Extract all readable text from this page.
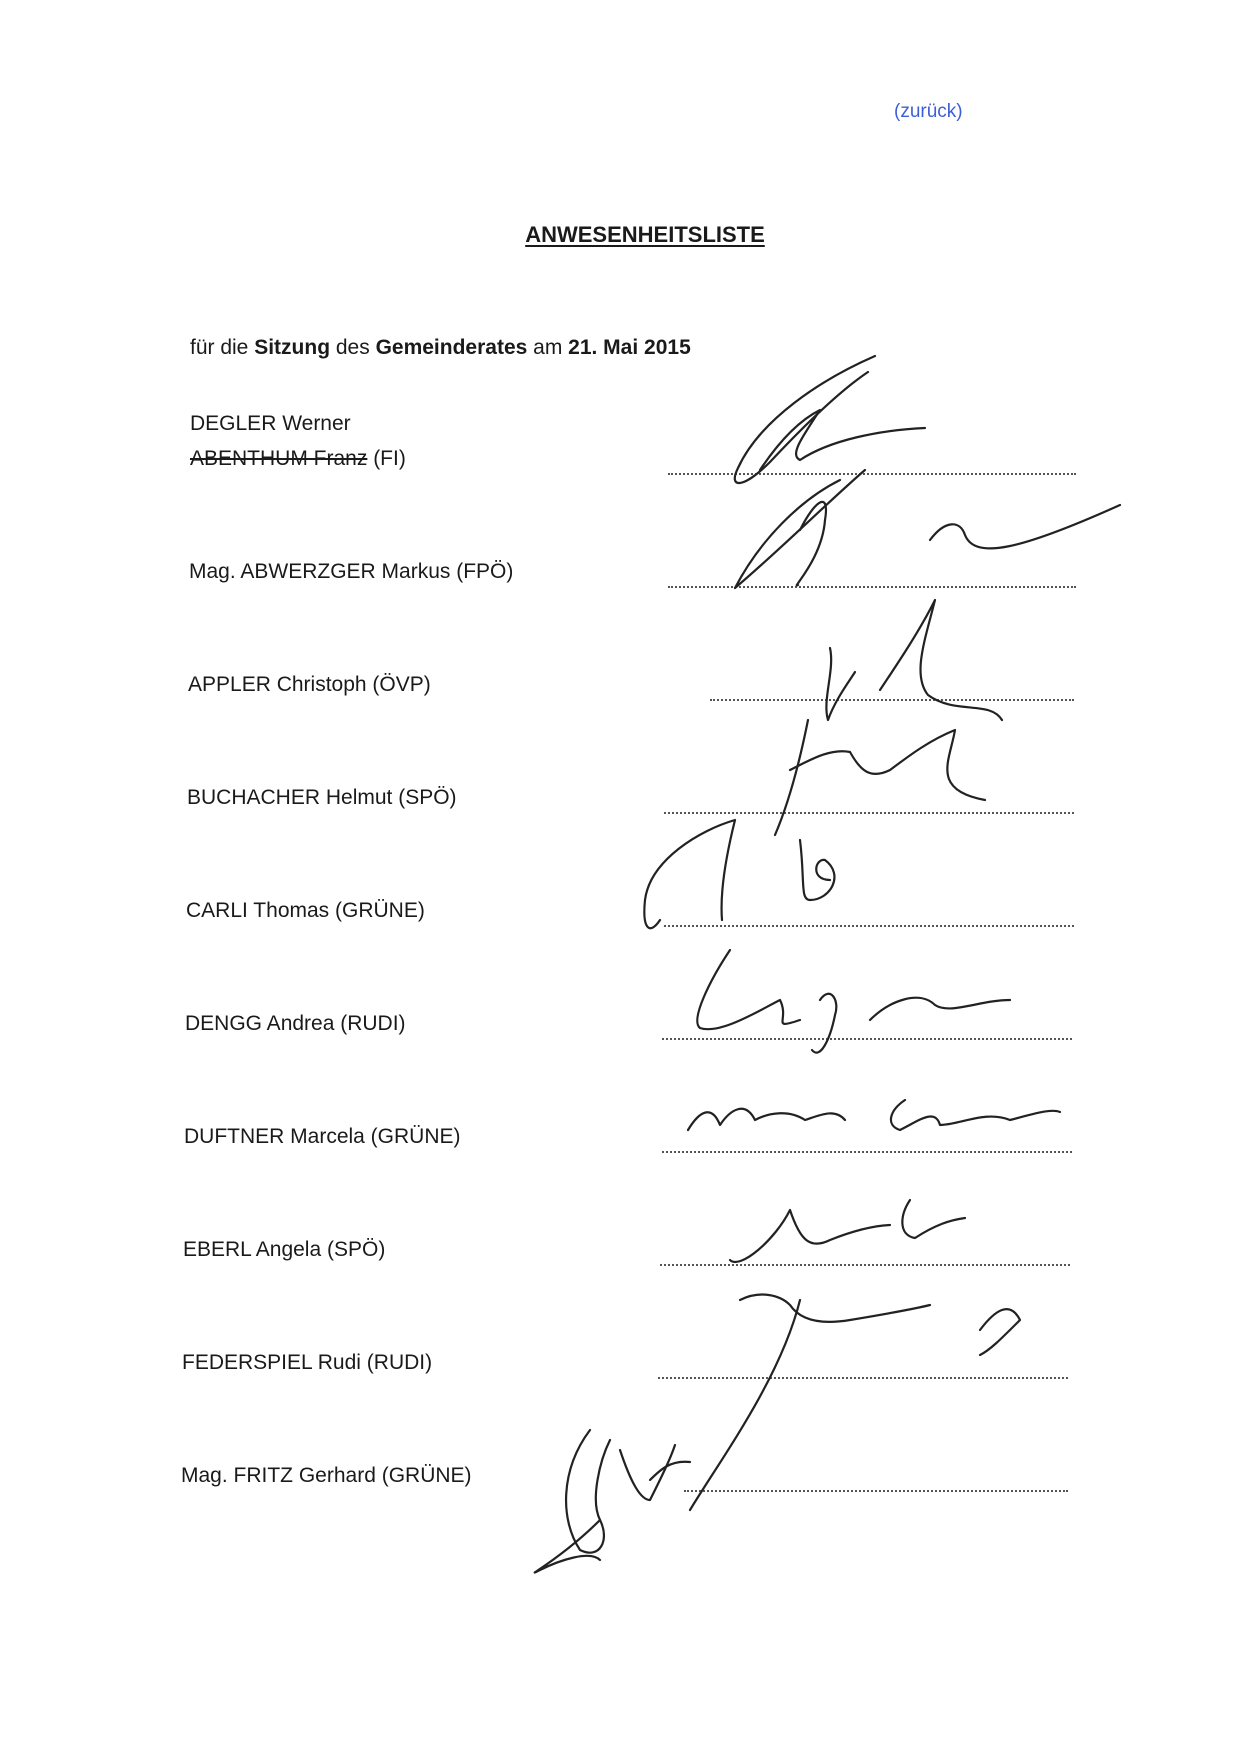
(zurück)
ANWESENHEITSLISTE

für die Sitzung des Gemeinderates am 21. Mai 2015

DEGLER Werner
ABENTHUM Franz (FI)
Mag. ABWERZGER Markus (FPÖ)
APPLER Christoph (ÖVP)
BUCHACHER Helmut (SPÖ)
CARLI Thomas (GRÜNE)
DENGG Andrea (RUDI)
DUFTNER Marcela (GRÜNE)
EBERL Angela (SPÖ)
FEDERSPIEL Rudi (RUDI)
Mag. FRITZ Gerhard (GRÜNE)
